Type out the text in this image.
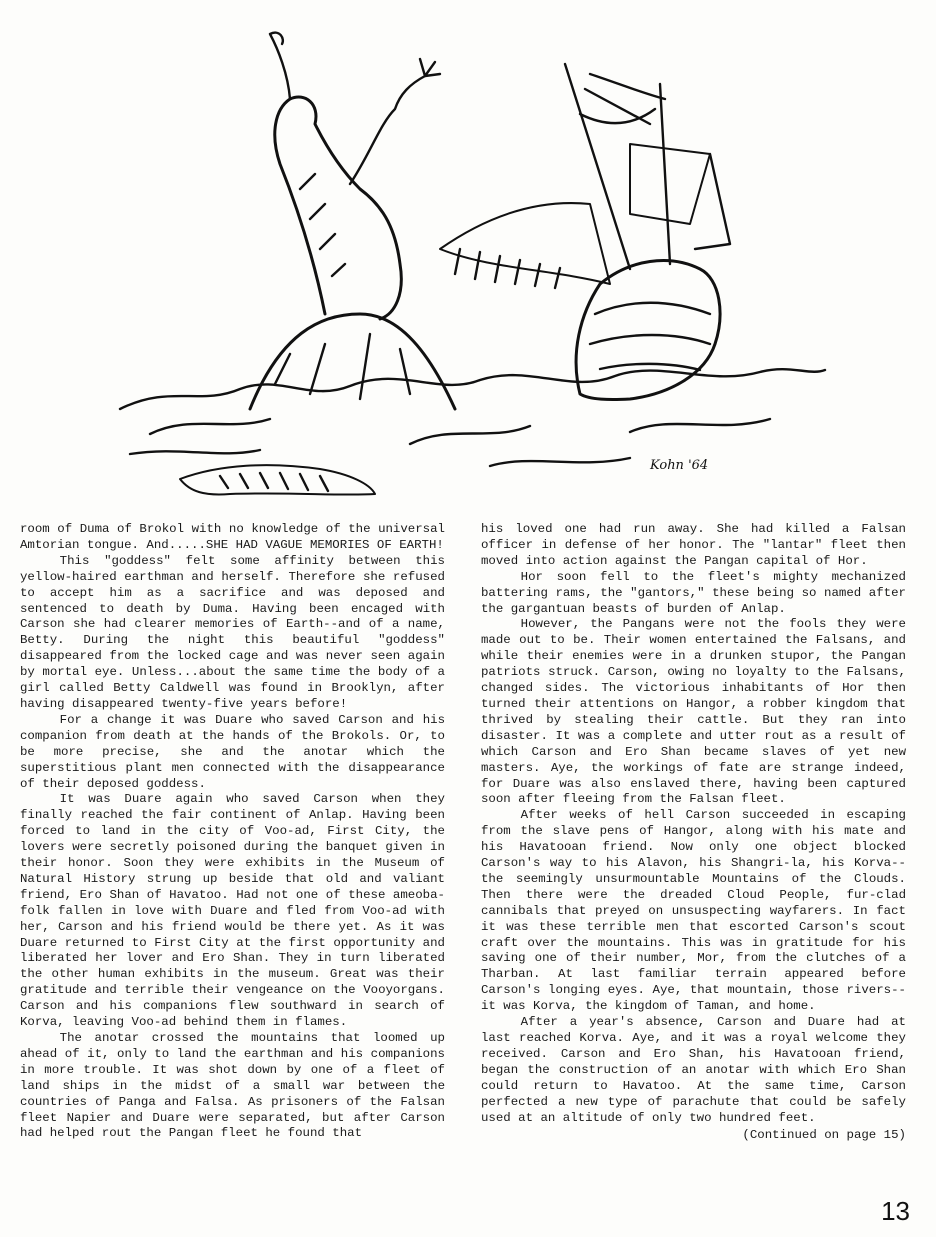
Kohn '64

room of Duma of Brokol with no knowledge of the universal Amtorian tongue. And.....SHE HAD VAGUE MEMORIES OF EARTH!

This "goddess" felt some affinity between this yellow-haired earthman and herself. Therefore she refused to accept him as a sacrifice and was deposed and sentenced to death by Duma. Having been encaged with Carson she had clearer memories of Earth--and of a name, Betty. During the night this beautiful "goddess" disappeared from the locked cage and was never seen again by mortal eye. Unless...about the same time the body of a girl called Betty Caldwell was found in Brooklyn, after having disappeared twenty-five years before!

For a change it was Duare who saved Carson and his companion from death at the hands of the Brokols. Or, to be more precise, she and the anotar which the superstitious plant men connected with the disappearance of their deposed goddess.

It was Duare again who saved Carson when they finally reached the fair continent of Anlap. Having been forced to land in the city of Voo-ad, First City, the lovers were secretly poisoned during the banquet given in their honor. Soon they were exhibits in the Museum of Natural History strung up beside that old and valiant friend, Ero Shan of Havatoo. Had not one of these ameoba-folk fallen in love with Duare and fled from Voo-ad with her, Carson and his friend would be there yet. As it was Duare returned to First City at the first opportunity and liberated her lover and Ero Shan. They in turn liberated the other human exhibits in the museum. Great was their gratitude and terrible their vengeance on the Vooyorgans. Carson and his companions flew southward in search of Korva, leaving Voo-ad behind them in flames.

The anotar crossed the mountains that loomed up ahead of it, only to land the earthman and his companions in more trouble. It was shot down by one of a fleet of land ships in the midst of a small war between the countries of Panga and Falsa. As prisoners of the Falsan fleet Napier and Duare were separated, but after Carson had helped rout the Pangan fleet he found that

his loved one had run away. She had killed a Falsan officer in defense of her honor. The "lantar" fleet then moved into action against the Pangan capital of Hor.

Hor soon fell to the fleet's mighty mechanized battering rams, the "gantors," these being so named after the gargantuan beasts of burden of Anlap.

However, the Pangans were not the fools they were made out to be. Their women entertained the Falsans, and while their enemies were in a drunken stupor, the Pangan patriots struck. Carson, owing no loyalty to the Falsans, changed sides. The victorious inhabitants of Hor then turned their attentions on Hangor, a robber kingdom that thrived by stealing their cattle. But they ran into disaster. It was a complete and utter rout as a result of which Carson and Ero Shan became slaves of yet new masters. Aye, the workings of fate are strange indeed, for Duare was also enslaved there, having been captured soon after fleeing from the Falsan fleet.

After weeks of hell Carson succeeded in escaping from the slave pens of Hangor, along with his mate and his Havatooan friend. Now only one object blocked Carson's way to his Alavon, his Shangri-la, his Korva--the seemingly unsurmountable Mountains of the Clouds. Then there were the dreaded Cloud People, fur-clad cannibals that preyed on unsuspecting wayfarers. In fact it was these terrible men that escorted Carson's scout craft over the mountains. This was in gratitude for his saving one of their number, Mor, from the clutches of a Tharban. At last familiar terrain appeared before Carson's longing eyes. Aye, that mountain, those rivers--it was Korva, the kingdom of Taman, and home.

After a year's absence, Carson and Duare had at last reached Korva. Aye, and it was a royal welcome they received. Carson and Ero Shan, his Havatooan friend, began the construction of an anotar with which Ero Shan could return to Havatoo. At the same time, Carson perfected a new type of parachute that could be safely used at an altitude of only two hundred feet.

(Continued on page 15)

13
